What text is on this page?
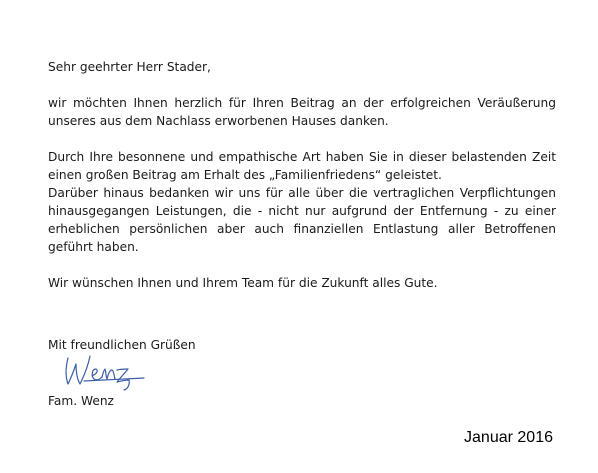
Sehr geehrter Herr Stader,

wir möchten Ihnen herzlich für Ihren Beitrag an der erfolgreichen Veräußerung
unseres aus dem Nachlass erworbenen Hauses danken.

Durch Ihre besonnene und empathische Art haben Sie in dieser belastenden Zeit
einen großen Beitrag am Erhalt des „Familienfriedens“ geleistet.

Darüber hinaus bedanken wir uns für alle über die vertraglichen Verpflichtungen
hinausgegangen Leistungen, die - nicht nur aufgrund der Entfernung - zu einer
erheblichen persönlichen aber auch finanziellen Entlastung aller Betroffenen
geführt haben.

Wir wünschen Ihnen und Ihrem Team für die Zukunft alles Gute.

Mit freundlichen Grüßen

Fam. Wenz

Januar 2016
